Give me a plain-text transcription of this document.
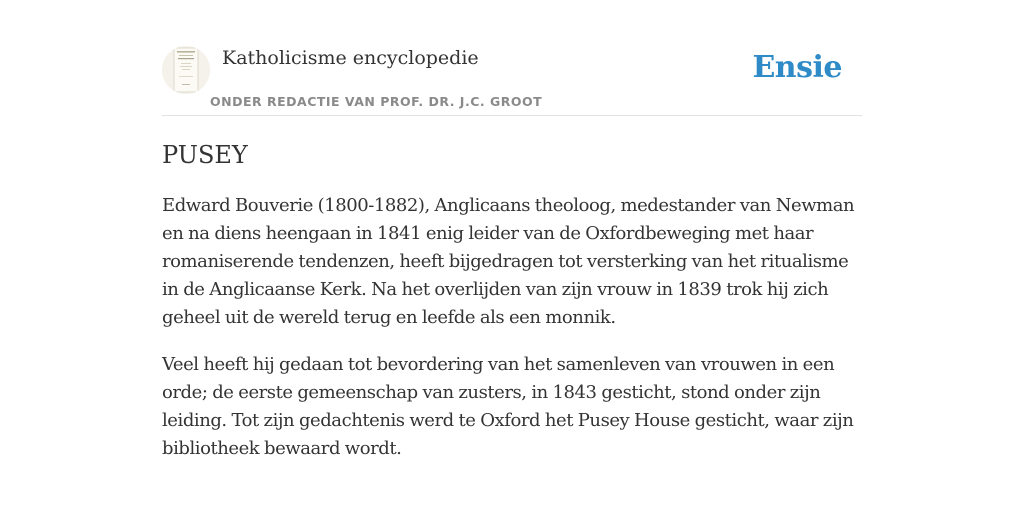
Katholicisme encyclopedie
ONDER REDACTIE VAN PROF. DR. J.C. GROOT
Ensie
PUSEY

Edward Bouverie (1800-1882), Anglicaans theoloog, medestander van Newman en na diens heengaan in 1841 enig leider van de Oxfordbeweging met haar romaniserende tendenzen, heeft bijgedragen tot versterking van het ritualisme in de Anglicaanse Kerk. Na het overlijden van zijn vrouw in 1839 trok hij zich geheel uit de wereld terug en leefde als een monnik.

Veel heeft hij gedaan tot bevordering van het samenleven van vrouwen in een orde; de eerste gemeenschap van zusters, in 1843 gesticht, stond onder zijn leiding. Tot zijn gedachtenis werd te Oxford het Pusey House gesticht, waar zijn bibliotheek bewaard wordt.
